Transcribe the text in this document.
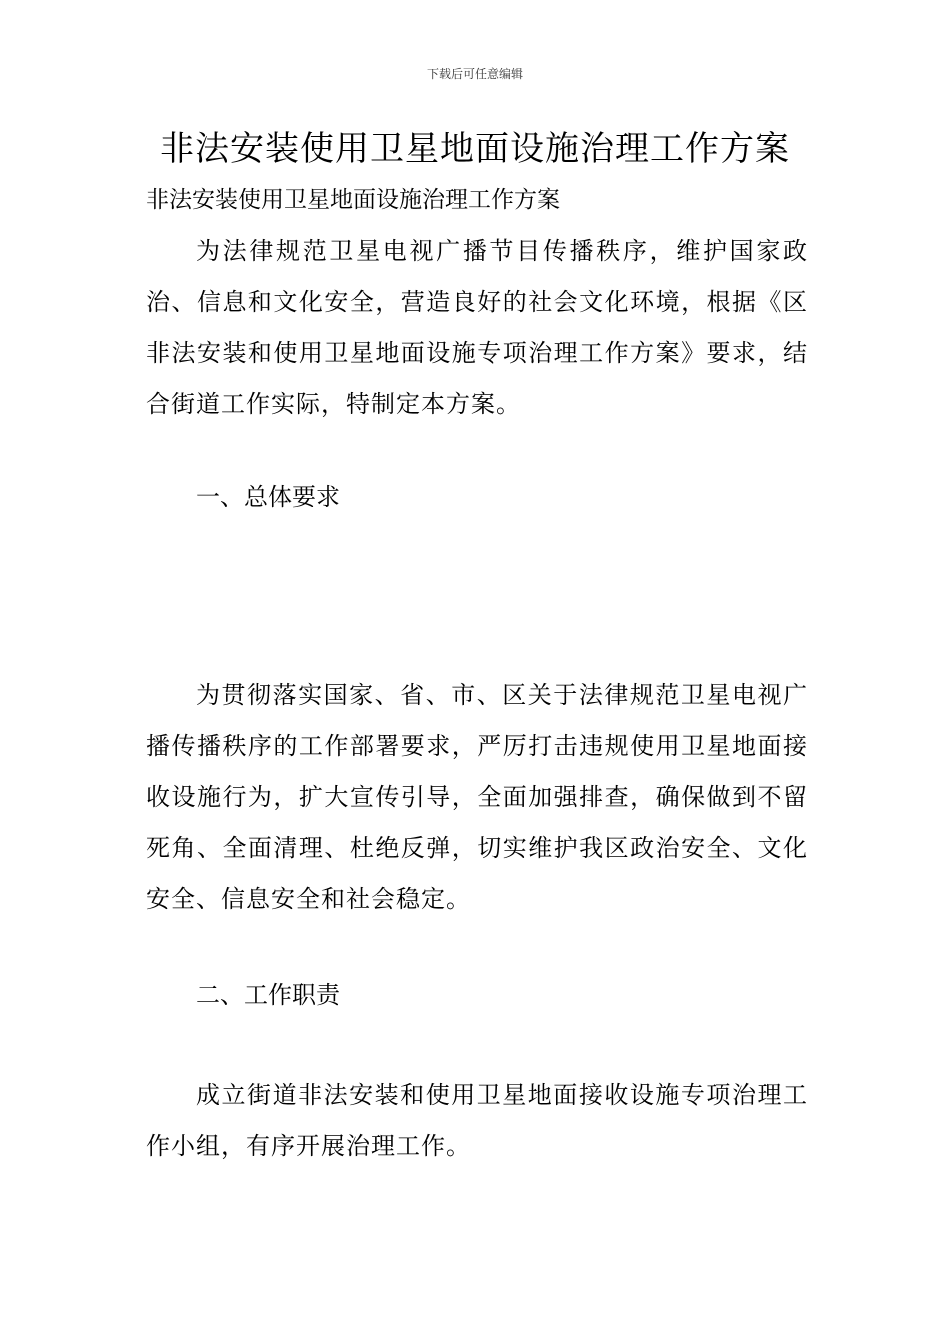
下载后可任意编辑
非法安装使用卫星地面设施治理工作方案

非法安装使用卫星地面设施治理工作方案

为法律规范卫星电视广播节目传播秩序，维护国家政治、信息和文化安全，营造良好的社会文化环境，根据《区非法安装和使用卫星地面设施专项治理工作方案》要求，结合街道工作实际，特制定本方案。

一、总体要求

为贯彻落实国家、省、市、区关于法律规范卫星电视广播传播秩序的工作部署要求，严厉打击违规使用卫星地面接收设施行为，扩大宣传引导，全面加强排查，确保做到不留死角、全面清理、杜绝反弹，切实维护我区政治安全、文化安全、信息安全和社会稳定。

二、工作职责

成立街道非法安装和使用卫星地面接收设施专项治理工作小组，有序开展治理工作。
